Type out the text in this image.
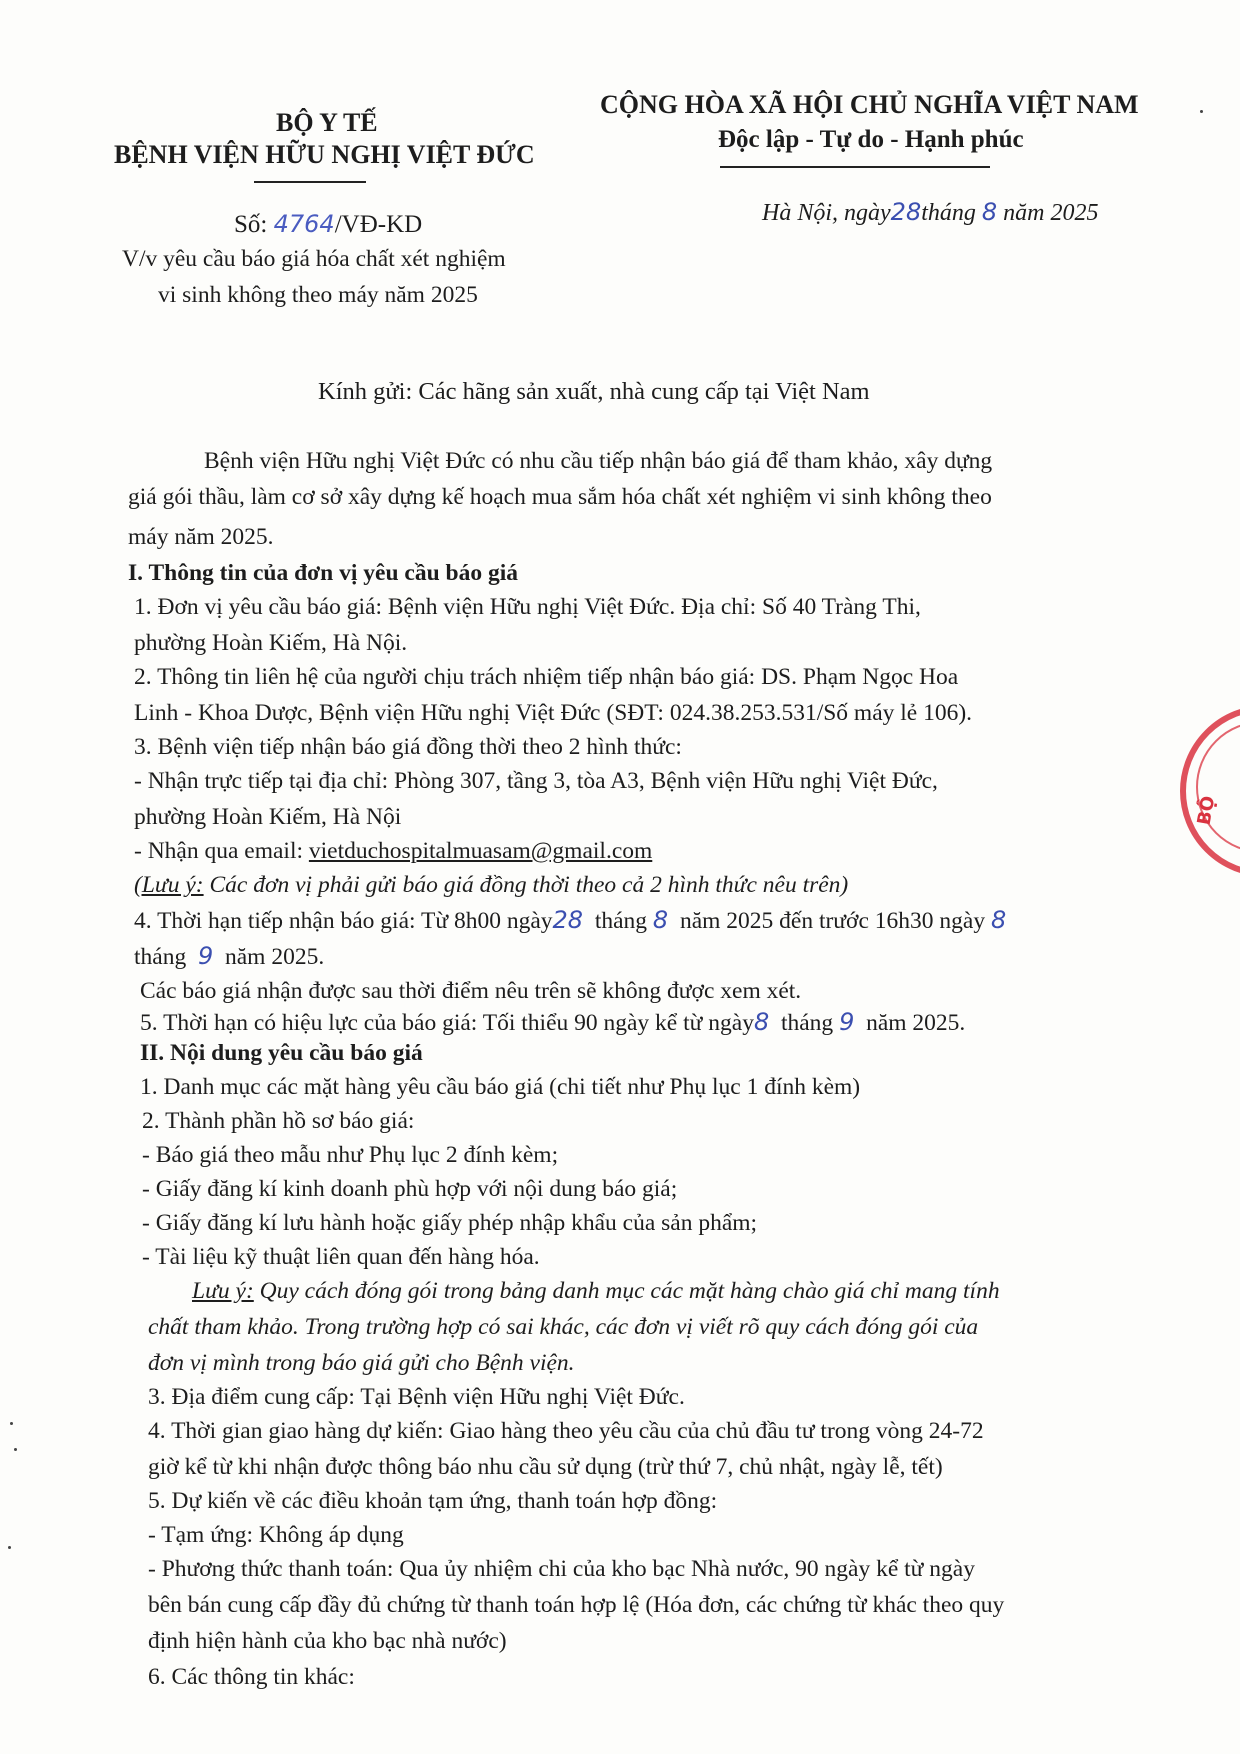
BỘ Y TẾ
BỆNH VIỆN HỮU NGHỊ VIỆT ĐỨC
CỘNG HÒA XÃ HỘI CHỦ NGHĨA VIỆT NAM
Độc lập - Tự do - Hạnh phúc
Số: 4764/VĐ-KD	Hà Nội, ngày28tháng 8 năm 2025
V/v yêu cầu báo giá hóa chất xét nghiệm
vi sinh không theo máy năm 2025
Kính gửi: Các hãng sản xuất, nhà cung cấp tại Việt Nam
Bệnh viện Hữu nghị Việt Đức có nhu cầu tiếp nhận báo giá để tham khảo, xây dựng
giá gói thầu, làm cơ sở xây dựng kế hoạch mua sắm hóa chất xét nghiệm vi sinh không theo
máy năm 2025.
I. Thông tin của đơn vị yêu cầu báo giá
1. Đơn vị yêu cầu báo giá: Bệnh viện Hữu nghị Việt Đức. Địa chỉ: Số 40 Tràng Thi,
phường Hoàn Kiếm, Hà Nội.
2. Thông tin liên hệ của người chịu trách nhiệm tiếp nhận báo giá: DS. Phạm Ngọc Hoa
Linh - Khoa Dược, Bệnh viện Hữu nghị Việt Đức (SĐT: 024.38.253.531/Số máy lẻ 106).
3. Bệnh viện tiếp nhận báo giá đồng thời theo 2 hình thức:
- Nhận trực tiếp tại địa chỉ: Phòng 307, tầng 3, tòa A3, Bệnh viện Hữu nghị Việt Đức,
phường Hoàn Kiếm, Hà Nội
- Nhận qua email: vietduchospitalmuasam@gmail.com
(Lưu ý: Các đơn vị phải gửi báo giá đồng thời theo cả 2 hình thức nêu trên)
4. Thời hạn tiếp nhận báo giá: Từ 8h00 ngày28 tháng 8 năm 2025 đến trước 16h30 ngày 8
tháng 9 năm 2025.
Các báo giá nhận được sau thời điểm nêu trên sẽ không được xem xét.
5. Thời hạn có hiệu lực của báo giá: Tối thiểu 90 ngày kể từ ngày8 tháng 9 năm 2025.
II. Nội dung yêu cầu báo giá
1. Danh mục các mặt hàng yêu cầu báo giá (chi tiết như Phụ lục 1 đính kèm)
2. Thành phần hồ sơ báo giá:
- Báo giá theo mẫu như Phụ lục 2 đính kèm;
- Giấy đăng kí kinh doanh phù hợp với nội dung báo giá;
- Giấy đăng kí lưu hành hoặc giấy phép nhập khẩu của sản phẩm;
- Tài liệu kỹ thuật liên quan đến hàng hóa.
Lưu ý: Quy cách đóng gói trong bảng danh mục các mặt hàng chào giá chỉ mang tính
chất tham khảo. Trong trường hợp có sai khác, các đơn vị viết rõ quy cách đóng gói của
đơn vị mình trong báo giá gửi cho Bệnh viện.
3. Địa điểm cung cấp: Tại Bệnh viện Hữu nghị Việt Đức.
4. Thời gian giao hàng dự kiến: Giao hàng theo yêu cầu của chủ đầu tư trong vòng 24-72
giờ kể từ khi nhận được thông báo nhu cầu sử dụng (trừ thứ 7, chủ nhật, ngày lễ, tết)
5. Dự kiến về các điều khoản tạm ứng, thanh toán hợp đồng:
- Tạm ứng: Không áp dụng
- Phương thức thanh toán: Qua ủy nhiệm chi của kho bạc Nhà nước, 90 ngày kể từ ngày
bên bán cung cấp đầy đủ chứng từ thanh toán hợp lệ (Hóa đơn, các chứng từ khác theo quy
định hiện hành của kho bạc nhà nước)
6. Các thông tin khác:
BỘ
